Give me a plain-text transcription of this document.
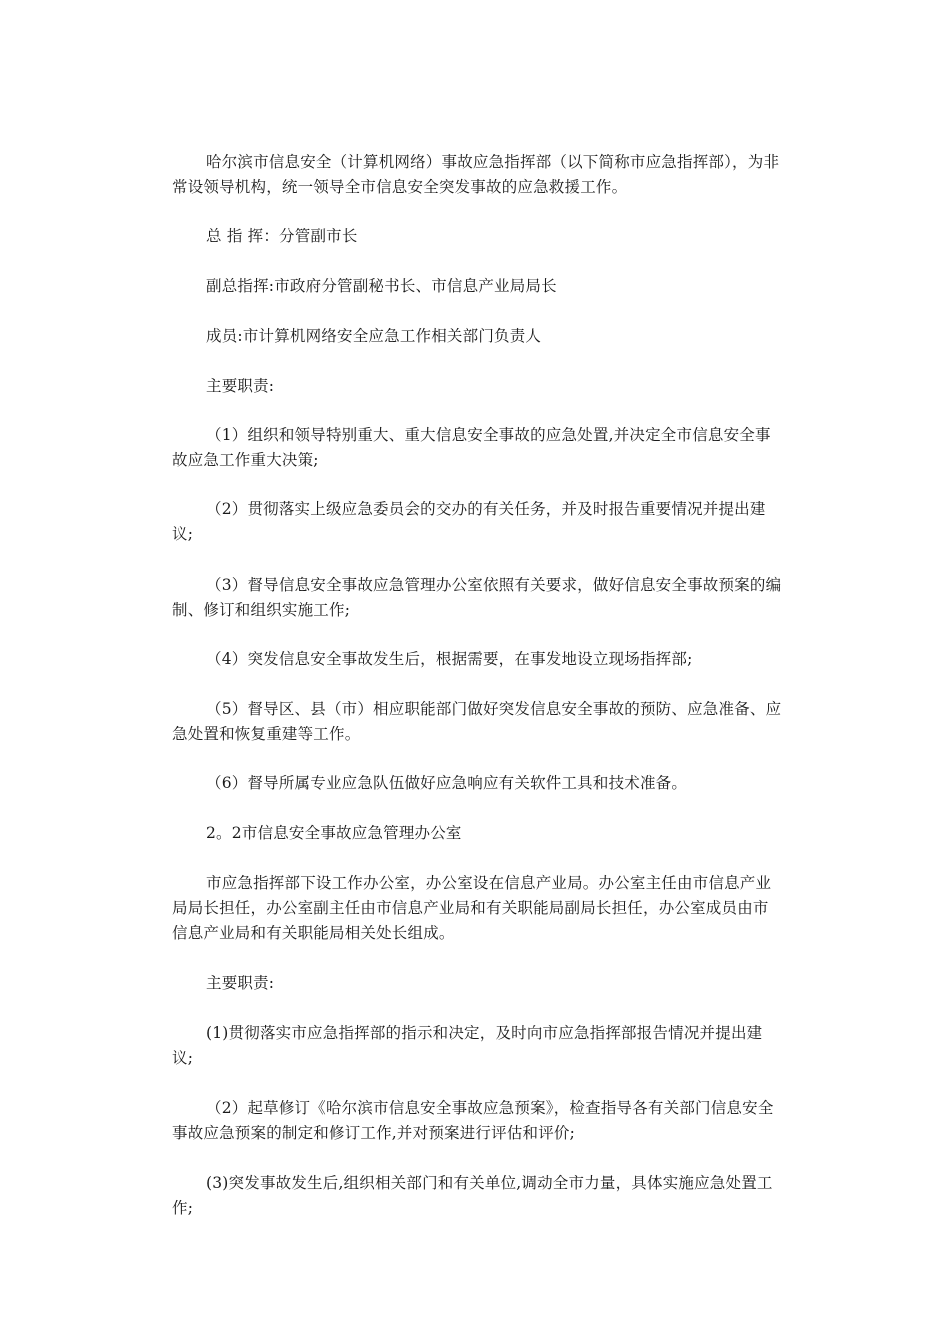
哈尔滨市信息安全（计算机网络）事故应急指挥部（以下简称市应急指挥部），为非常设领导机构，统一领导全市信息安全突发事故的应急救援工作。

总 指 挥：分管副市长

副总指挥:市政府分管副秘书长、市信息产业局局长

成员:市计算机网络安全应急工作相关部门负责人

主要职责:

（1）组织和领导特别重大、重大信息安全事故的应急处置,并决定全市信息安全事故应急工作重大决策;

（2）贯彻落实上级应急委员会的交办的有关任务，并及时报告重要情况并提出建议;

（3）督导信息安全事故应急管理办公室依照有关要求，做好信息安全事故预案的编制、修订和组织实施工作;

（4）突发信息安全事故发生后，根据需要，在事发地设立现场指挥部;

（5）督导区、县（市）相应职能部门做好突发信息安全事故的预防、应急准备、应急处置和恢复重建等工作。

（6）督导所属专业应急队伍做好应急响应有关软件工具和技术准备。

2。2市信息安全事故应急管理办公室

市应急指挥部下设工作办公室，办公室设在信息产业局。办公室主任由市信息产业局局长担任，办公室副主任由市信息产业局和有关职能局副局长担任，办公室成员由市信息产业局和有关职能局相关处长组成。

主要职责:

(1)贯彻落实市应急指挥部的指示和决定，及时向市应急指挥部报告情况并提出建议;

（2）起草修订《哈尔滨市信息安全事故应急预案》，检查指导各有关部门信息安全事故应急预案的制定和修订工作,并对预案进行评估和评价;

(3)突发事故发生后,组织相关部门和有关单位,调动全市力量，具体实施应急处置工作;
